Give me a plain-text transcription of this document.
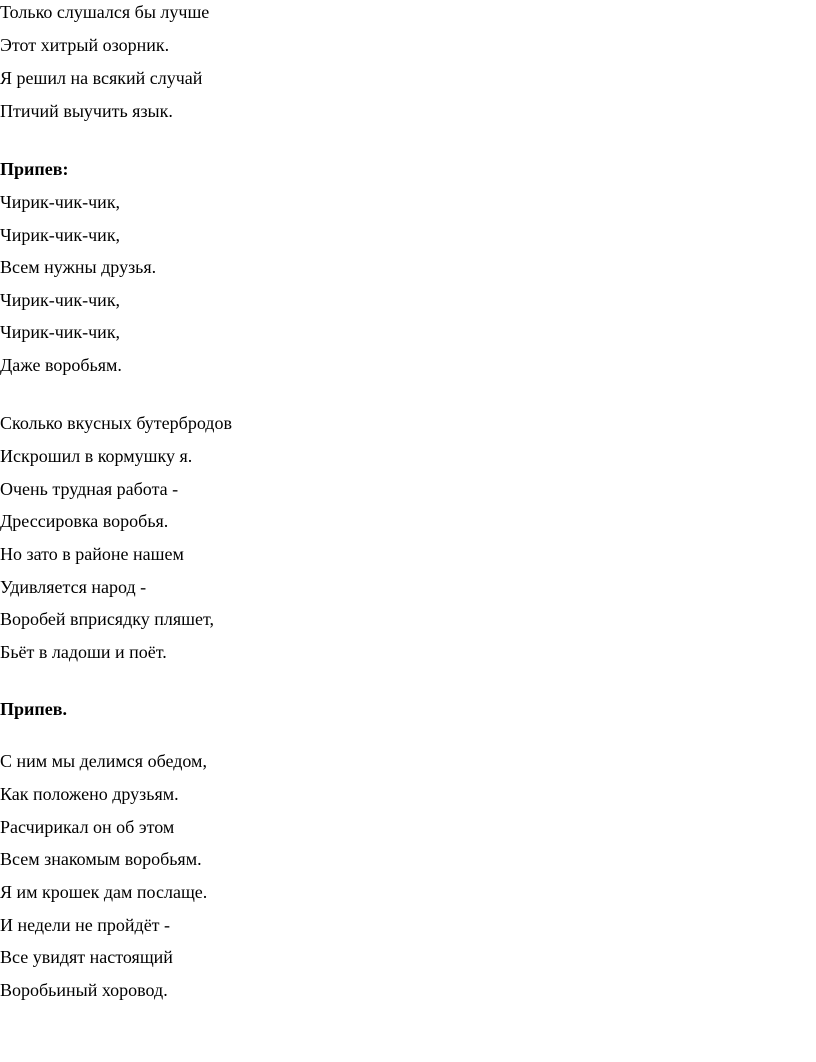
Только слушался бы лучше
Этот хитрый озорник.
Я решил на всякий случай
Птичий выучить язык.
Припев:
Чирик-чик-чик,
Чирик-чик-чик,
Всем нужны друзья.
Чирик-чик-чик,
Чирик-чик-чик,
Даже воробьям.
Сколько вкусных бутербродов
Искрошил в кормушку я.
Очень трудная работа -
Дрессировка воробья.
Но зато в районе нашем
Удивляется народ -
Воробей вприсядку пляшет,
Бьёт в ладоши и поёт.
Припев.
С ним мы делимся обедом,
Как положено друзьям.
Расчирикал он об этом
Всем знакомым воробьям.
Я им крошек дам послаще.
И недели не пройдёт -
Все увидят настоящий
Воробьиный хоровод.
